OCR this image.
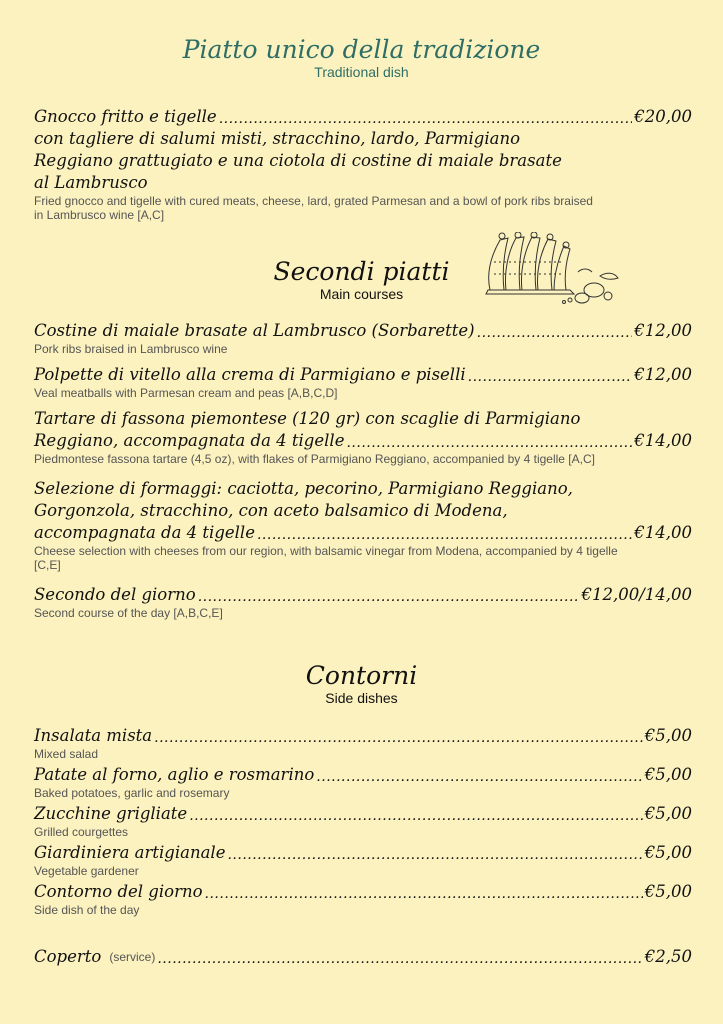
Piatto unico della tradizione
Traditional dish
Gnocco fritto e tigelle .....	€20,00
con tagliere di salumi misti, stracchino, lardo, Parmigiano
Reggiano grattugiato e una ciotola di costine di maiale brasate
al Lambrusco
Fried gnocco and tigelle with cured meats, cheese, lard, grated Parmesan and a bowl of pork ribs braised
in Lambrusco wine [A,C]
Secondi piatti
Main courses
Costine di maiale brasate al Lambrusco (Sorbarette) .....	€12,00
Pork ribs braised in Lambrusco wine
Polpette di vitello alla crema di Parmigiano e piselli .....	€12,00
Veal meatballs with Parmesan cream and peas [A,B,C,D]
Tartare di fassona piemontese (120 gr) con scaglie di Parmigiano
Reggiano, accompagnata da 4 tigelle .....	€14,00
Piedmontese fassona tartare (4,5 oz), with flakes of Parmigiano Reggiano, accompanied by 4 tigelle [A,C]
Selezione di formaggi: caciotta, pecorino, Parmigiano Reggiano,
Gorgonzola, stracchino, con aceto balsamico di Modena,
accompagnata da 4 tigelle .....	€14,00
Cheese selection with cheeses from our region, with balsamic vinegar from Modena, accompanied by 4 tigelle
[C,E]
Secondo del giorno .....	€12,00/14,00
Second course of the day [A,B,C,E]
Contorni
Side dishes
Insalata mista .....	€5,00
Mixed salad
Patate al forno, aglio e rosmarino .....	€5,00
Baked potatoes, garlic and rosemary
Zucchine grigliate .....	€5,00
Grilled courgettes
Giardiniera artigianale .....	€5,00
Vegetable gardener
Contorno del giorno .....	€5,00
Side dish of the day
Coperto (service) .....	€2,50
